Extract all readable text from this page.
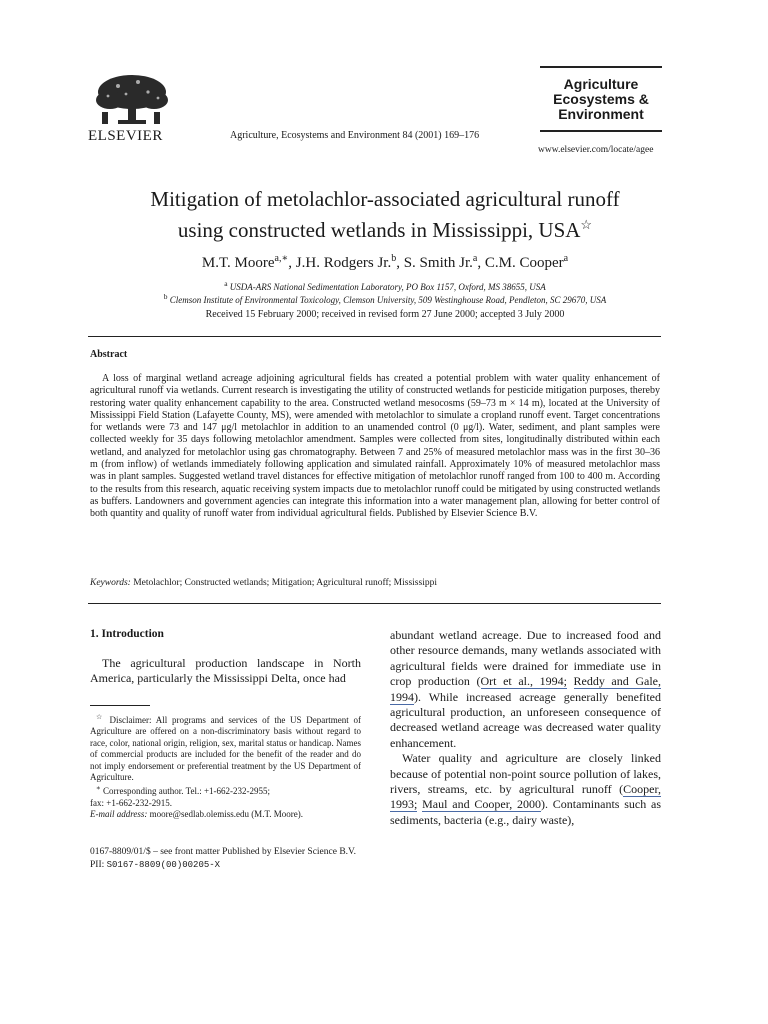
ELSEVIER	Agriculture, Ecosystems and Environment 84 (2001) 169–176
Agriculture
Ecosystems &
Environment
www.elsevier.com/locate/agee
Mitigation of metolachlor-associated agricultural runoff
using constructed wetlands in Mississippi, USA☆
M.T. Moore$^{a,∗}$, J.H. Rodgers Jr.$^b$, S. Smith Jr.$^a$, C.M. Cooper$^a$
$^a$ USDA-ARS National Sedimentation Laboratory, PO Box 1157, Oxford, MS 38655, USA
$^b$ Clemson Institute of Environmental Toxicology, Clemson University, 509 Westinghouse Road, Pendleton, SC 29670, USA
Received 15 February 2000; received in revised form 27 June 2000; accepted 3 July 2000
Abstract
A loss of marginal wetland acreage adjoining agricultural fields has created a potential problem with water quality enhancement of agricultural runoff via wetlands. Current research is investigating the utility of constructed wetlands for pesticide mitigation purposes, thereby restoring water quality enhancement capability to the area. Constructed wetland mesocosms (59–73 m × 14 m), located at the University of Mississippi Field Station (Lafayette County, MS), were amended with metolachlor to simulate a cropland runoff event. Target concentrations for wetlands were 73 and 147 μg/l metolachlor in addition to an unamended control (0 μg/l). Water, sediment, and plant samples were collected weekly for 35 days following metolachlor amendment. Samples were collected from sites, longitudinally distributed within each wetland, and analyzed for metolachlor using gas chromatography. Between 7 and 25% of measured metolachlor mass was in the first 30–36 m (from inflow) of wetlands immediately following application and simulated rainfall. Approximately 10% of measured metolachlor mass was in plant samples. Suggested wetland travel distances for effective mitigation of metolachlor runoff ranged from 100 to 400 m. According to the results from this research, aquatic receiving system impacts due to metolachlor runoff could be mitigated by using constructed wetlands as buffers. Landowners and government agencies can integrate this information into a water management plan, allowing for better control of both quantity and quality of runoff water from individual agricultural fields. Published by Elsevier Science B.V.
Keywords: Metolachlor; Constructed wetlands; Mitigation; Agricultural runoff; Mississippi
1. Introduction

The agricultural production landscape in North America, particularly the Mississippi Delta, once had

☆ Disclaimer: All programs and services of the US Department of Agriculture are offered on a non-discriminatory basis without regard to race, color, national origin, religion, sex, marital status or handicap. Names of commercial products are included for the benefit of the reader and do not imply endorsement or preferential treatment by the US Department of Agriculture.

∗ Corresponding author. Tel.: +1-662-232-2955;

fax: +1-662-232-2915.

E-mail address: moore@sedlab.olemiss.edu (M.T. Moore).

0167-8809/01/$ – see front matter Published by Elsevier Science B.V.
PII: S0167-8809(00)00205-X

abundant wetland acreage. Due to increased food and other resource demands, many wetlands associated with agricultural fields were drained for immediate use in crop production (Ort et al., 1994; Reddy and Gale, 1994). While increased acreage generally benefited agricultural production, an unforeseen consequence of decreased wetland acreage was decreased water quality enhancement.

Water quality and agriculture are closely linked because of potential non-point source pollution of lakes, rivers, streams, etc. by agricultural runoff (Cooper, 1993; Maul and Cooper, 2000). Contaminants such as sediments, bacteria (e.g., dairy waste),
